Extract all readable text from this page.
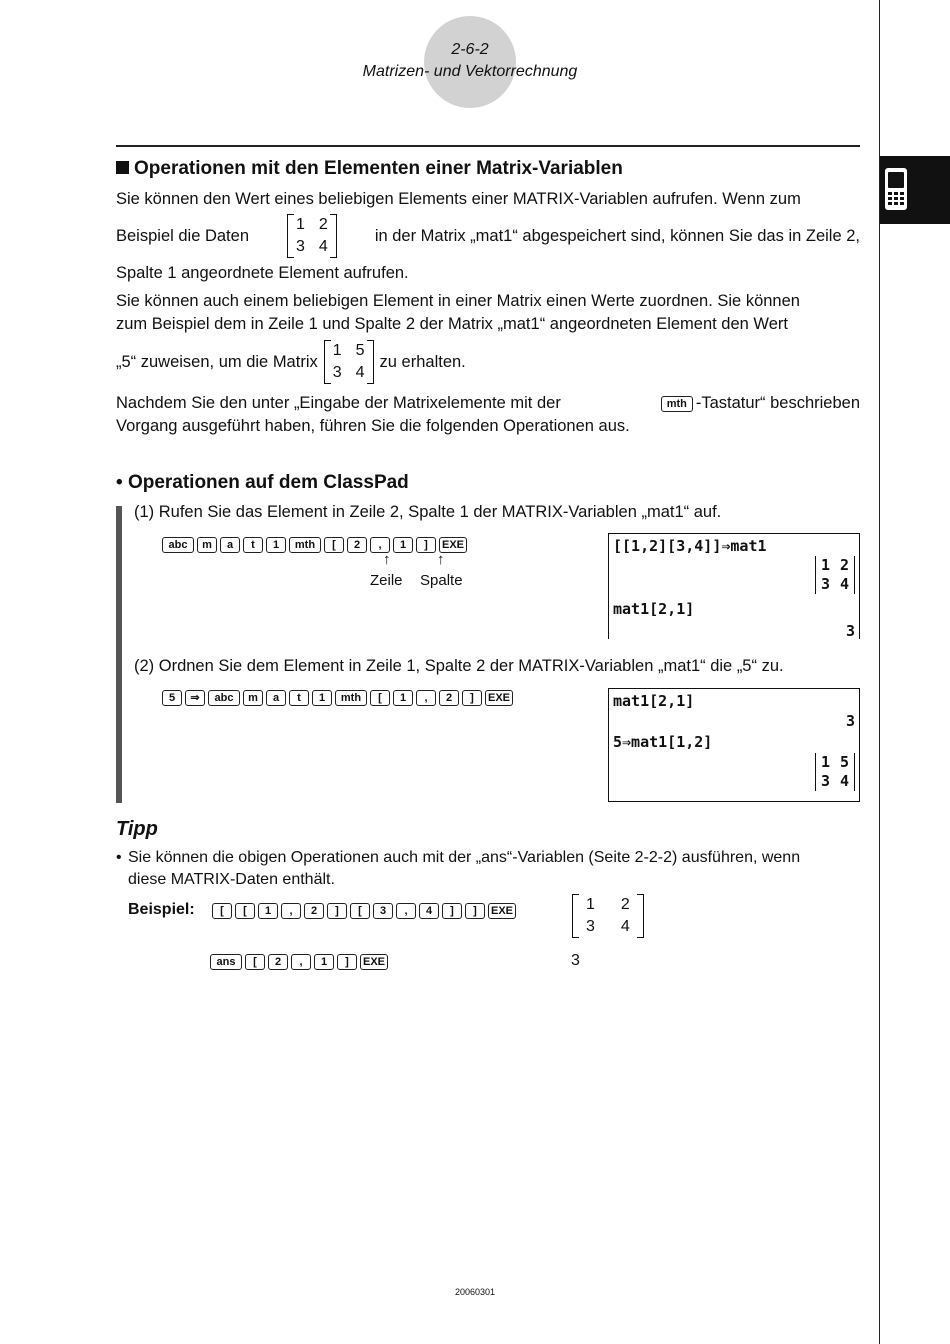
2-6-2
Matrizen- und Vektorrechnung
Operationen mit den Elementen einer Matrix-Variablen
Sie können den Wert eines beliebigen Elements einer MATRIX-Variablen aufrufen. Wenn zum
Beispiel die Daten
1 2
3 4
in der Matrix „mat1“ abgespeichert sind, können Sie das in Zeile 2,
Spalte 1 angeordnete Element aufrufen.
Sie können auch einem beliebigen Element in einer Matrix einen Werte zuordnen. Sie können
zum Beispiel dem in Zeile 1 und Spalte 2 der Matrix „mat1“ angeordneten Element den Wert
„5“ zuweisen, um die Matrix
1 5
3 4
zu erhalten.
Nachdem Sie den unter „Eingabe der Matrixelemente mit der	mth -Tastatur“ beschrieben
Vorgang ausgeführt haben, führen Sie die folgenden Operationen aus.
• Operationen auf dem ClassPad
(1) Rufen Sie das Element in Zeile 2, Spalte 1 der MATRIX-Variablen „mat1“ auf.
abc m a t 1 mth [ 2 , 1 ] EXE
↑	↑
Zeile Spalte
[[1,2][3,4]]⇒mat1
1 2
3 4
mat1[2,1]
3
(2) Ordnen Sie dem Element in Zeile 1, Spalte 2 der MATRIX-Variablen „mat1“ die „5“ zu.
5 ⇒ abc m a t 1 mth [ 1 , 2 ] EXE	mat1[2,1]
3
5⇒mat1[1,2]
1 5
3 4
Tipp
• Sie können die obigen Operationen auch mit der „ans“-Variablen (Seite 2-2-2) ausführen, wenn
diese MATRIX-Daten enthält.
Beispiel:	[ [ 1 , 2 ] [ 3 , 4 ] ] EXE	1 2
3 4
ans [ 2 , 1 ] EXE	3
20060301
